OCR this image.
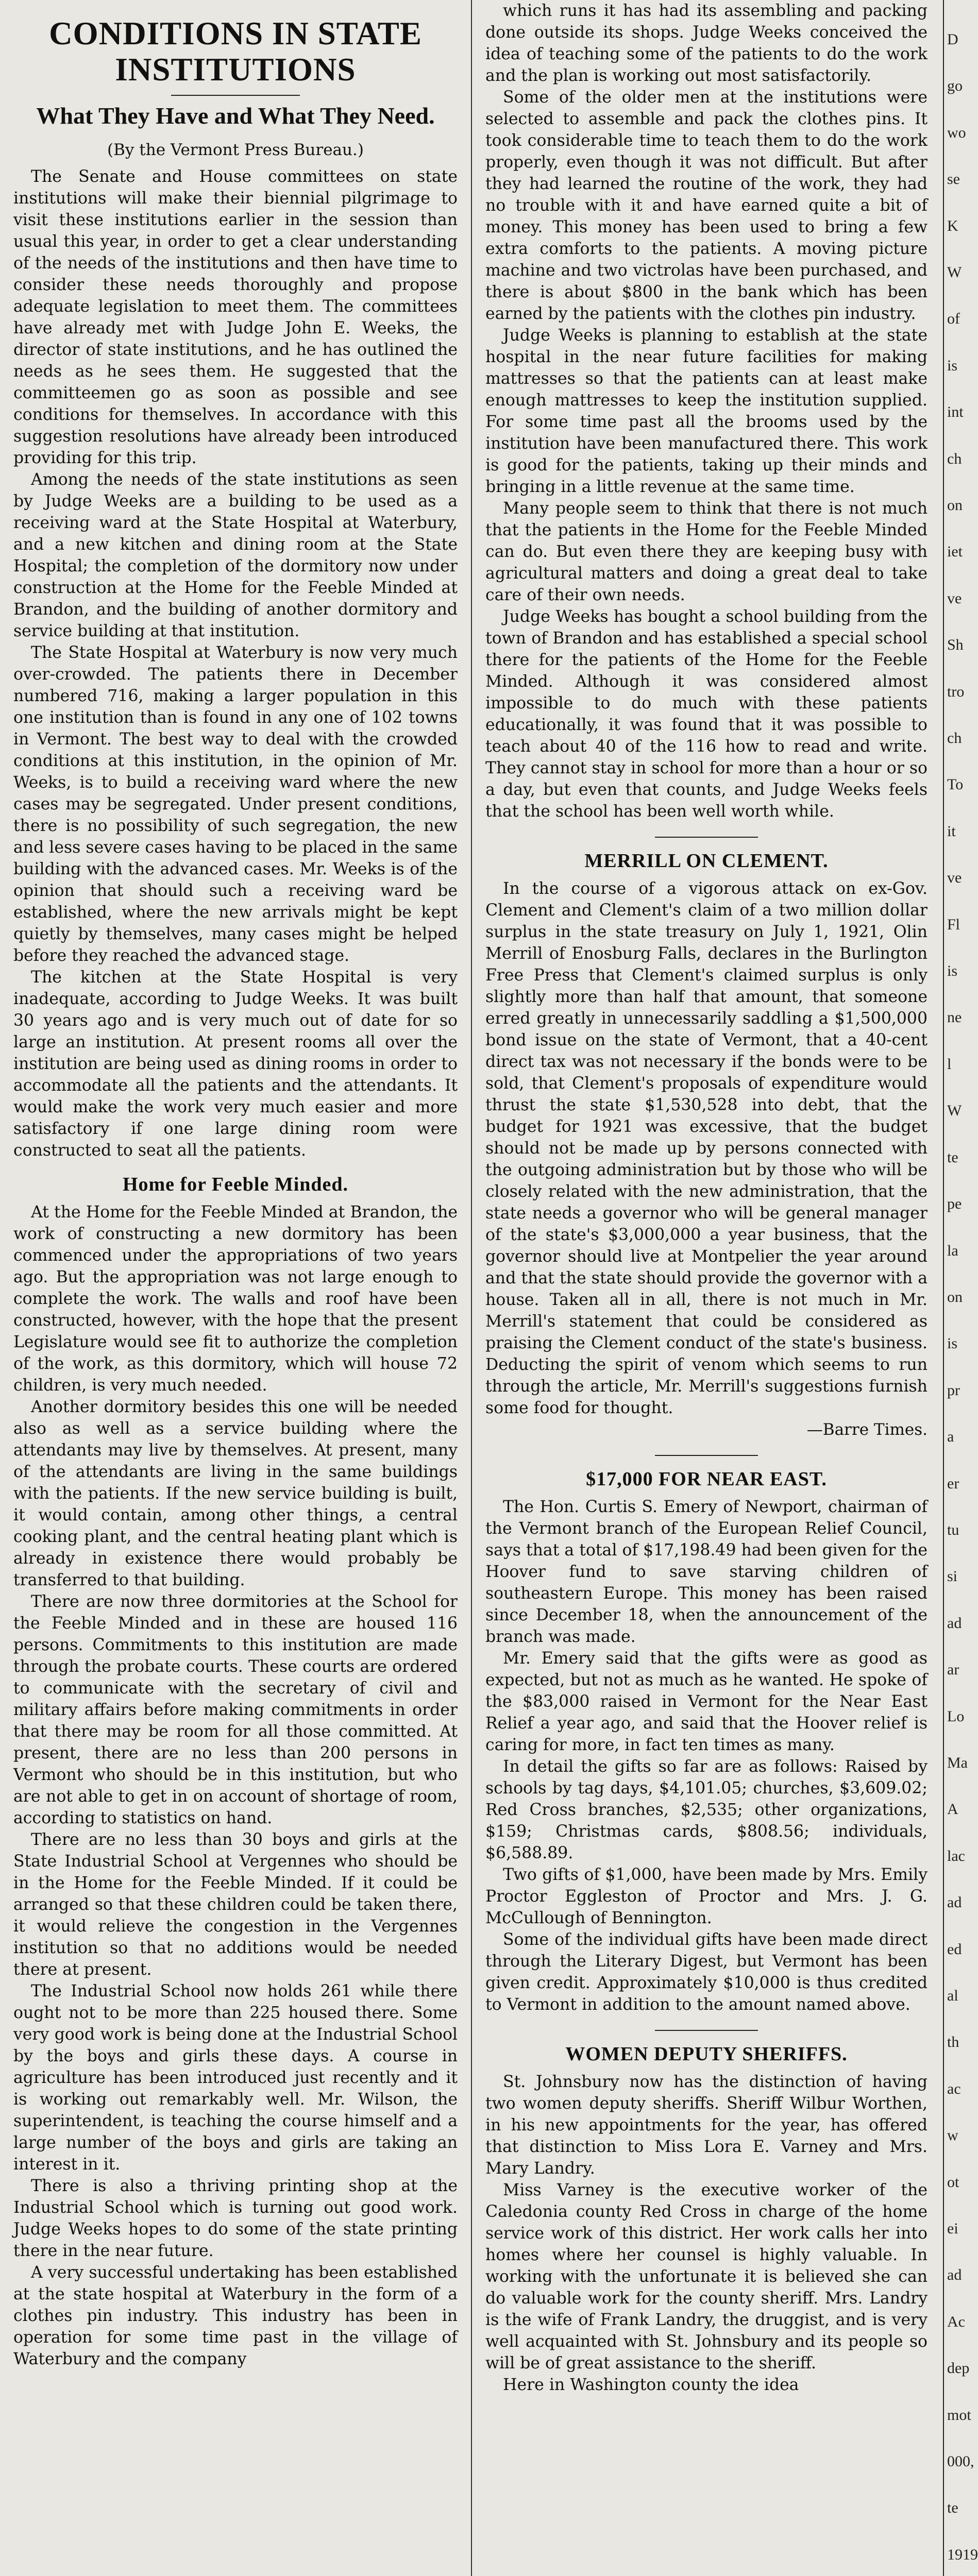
CONDITIONS IN STATE INSTITUTIONS
What They Have and What They Need.
(By the Vermont Press Bureau.)

The Senate and House committees on state institutions will make their biennial pilgrimage to visit these institutions earlier in the session than usual this year, in order to get a clear understanding of the needs of the institutions and then have time to consider these needs thoroughly and propose adequate legislation to meet them. The committees have already met with Judge John E. Weeks, the director of state institutions, and he has outlined the needs as he sees them. He suggested that the committeemen go as soon as possible and see conditions for themselves. In accordance with this suggestion resolutions have already been introduced providing for this trip.

Among the needs of the state institutions as seen by Judge Weeks are a building to be used as a receiving ward at the State Hospital at Waterbury, and a new kitchen and dining room at the State Hospital; the completion of the dormitory now under construction at the Home for the Feeble Minded at Brandon, and the building of another dormitory and service building at that institution.

The State Hospital at Waterbury is now very much over-crowded. The patients there in December numbered 716, making a larger population in this one institution than is found in any one of 102 towns in Vermont. The best way to deal with the crowded conditions at this institution, in the opinion of Mr. Weeks, is to build a receiving ward where the new cases may be segregated. Under present conditions, there is no possibility of such segregation, the new and less severe cases having to be placed in the same building with the advanced cases. Mr. Weeks is of the opinion that should such a receiving ward be established, where the new arrivals might be kept quietly by themselves, many cases might be helped before they reached the advanced stage.

The kitchen at the State Hospital is very inadequate, according to Judge Weeks. It was built 30 years ago and is very much out of date for so large an institution. At present rooms all over the institution are being used as dining rooms in order to accommodate all the patients and the attendants. It would make the work very much easier and more satisfactory if one large dining room were constructed to seat all the patients.

Home for Feeble Minded.

At the Home for the Feeble Minded at Brandon, the work of constructing a new dormitory has been commenced under the appropriations of two years ago. But the appropriation was not large enough to complete the work. The walls and roof have been constructed, however, with the hope that the present Legislature would see fit to authorize the completion of the work, as this dormitory, which will house 72 children, is very much needed.

Another dormitory besides this one will be needed also as well as a service building where the attendants may live by themselves. At present, many of the attendants are living in the same buildings with the patients. If the new service building is built, it would contain, among other things, a central cooking plant, and the central heating plant which is already in existence there would probably be transferred to that building.

There are now three dormitories at the School for the Feeble Minded and in these are housed 116 persons. Commitments to this institution are made through the probate courts. These courts are ordered to communicate with the secretary of civil and military affairs before making commitments in order that there may be room for all those committed. At present, there are no less than 200 persons in Vermont who should be in this institution, but who are not able to get in on account of shortage of room, according to statistics on hand.

There are no less than 30 boys and girls at the State Industrial School at Vergennes who should be in the Home for the Feeble Minded. If it could be arranged so that these children could be taken there, it would relieve the congestion in the Vergennes institution so that no additions would be needed there at present.

The Industrial School now holds 261 while there ought not to be more than 225 housed there. Some very good work is being done at the Industrial School by the boys and girls these days. A course in agriculture has been introduced just recently and it is working out remarkably well. Mr. Wilson, the superintendent, is teaching the course himself and a large number of the boys and girls are taking an interest in it.

There is also a thriving printing shop at the Industrial School which is turning out good work. Judge Weeks hopes to do some of the state printing there in the near future.

A very successful undertaking has been established at the state hospital at Waterbury in the form of a clothes pin industry. This industry has been in operation for some time past in the village of Waterbury and the company

which runs it has had its assembling and packing done outside its shops. Judge Weeks conceived the idea of teaching some of the patients to do the work and the plan is working out most satisfactorily.

Some of the older men at the institutions were selected to assemble and pack the clothes pins. It took considerable time to teach them to do the work properly, even though it was not difficult. But after they had learned the routine of the work, they had no trouble with it and have earned quite a bit of money. This money has been used to bring a few extra comforts to the patients. A moving picture machine and two victrolas have been purchased, and there is about $800 in the bank which has been earned by the patients with the clothes pin industry.

Judge Weeks is planning to establish at the state hospital in the near future facilities for making mattresses so that the patients can at least make enough mattresses to keep the institution supplied. For some time past all the brooms used by the institution have been manufactured there. This work is good for the patients, taking up their minds and bringing in a little revenue at the same time.

Many people seem to think that there is not much that the patients in the Home for the Feeble Minded can do. But even there they are keeping busy with agricultural matters and doing a great deal to take care of their own needs.

Judge Weeks has bought a school building from the town of Brandon and has established a special school there for the patients of the Home for the Feeble Minded. Although it was considered almost impossible to do much with these patients educationally, it was found that it was possible to teach about 40 of the 116 how to read and write. They cannot stay in school for more than a hour or so a day, but even that counts, and Judge Weeks feels that the school has been well worth while.

MERRILL ON CLEMENT.

In the course of a vigorous attack on ex-Gov. Clement and Clement's claim of a two million dollar surplus in the state treasury on July 1, 1921, Olin Merrill of Enosburg Falls, declares in the Burlington Free Press that Clement's claimed surplus is only slightly more than half that amount, that someone erred greatly in unnecessarily saddling a $1,500,000 bond issue on the state of Vermont, that a 40-cent direct tax was not necessary if the bonds were to be sold, that Clement's proposals of expenditure would thrust the state $1,530,528 into debt, that the budget for 1921 was excessive, that the budget should not be made up by persons connected with the outgoing administration but by those who will be closely related with the new administration, that the state needs a governor who will be general manager of the state's $3,000,000 a year business, that the governor should live at Montpelier the year around and that the state should provide the governor with a house. Taken all in all, there is not much in Mr. Merrill's statement that could be considered as praising the Clement conduct of the state's business. Deducting the spirit of venom which seems to run through the article, Mr. Merrill's suggestions furnish some food for thought.

—Barre Times.
$17,000 FOR NEAR EAST.

The Hon. Curtis S. Emery of Newport, chairman of the Vermont branch of the European Relief Council, says that a total of $17,198.49 had been given for the Hoover fund to save starving children of southeastern Europe. This money has been raised since December 18, when the announcement of the branch was made.

Mr. Emery said that the gifts were as good as expected, but not as much as he wanted. He spoke of the $83,000 raised in Vermont for the Near East Relief a year ago, and said that the Hoover relief is caring for more, in fact ten times as many.

In detail the gifts so far are as follows: Raised by schools by tag days, $4,101.05; churches, $3,609.02; Red Cross branches, $2,535; other organizations, $159; Christmas cards, $808.56; individuals, $6,588.89.

Two gifts of $1,000, have been made by Mrs. Emily Proctor Eggleston of Proctor and Mrs. J. G. McCullough of Bennington.

Some of the individual gifts have been made direct through the Literary Digest, but Vermont has been given credit. Approximately $10,000 is thus credited to Vermont in addition to the amount named above.

WOMEN DEPUTY SHERIFFS.

St. Johnsbury now has the distinction of having two women deputy sheriffs. Sheriff Wilbur Worthen, in his new appointments for the year, has offered that distinction to Miss Lora E. Varney and Mrs. Mary Landry.

Miss Varney is the executive worker of the Caledonia county Red Cross in charge of the home service work of this district. Her work calls her into homes where her counsel is highly valuable. In working with the unfortunate it is believed she can do valuable work for the county sheriff. Mrs. Landry is the wife of Frank Landry, the druggist, and is very well acquainted with St. Johnsbury and its people so will be of great assistance to the sheriff.

Here in Washington county the idea

D
go
wo
se
K
W
of
is
int
ch
on
iet
ve
Sh
tro
ch
To
it
ve
Fl
is
ne
l
W
te
pe
la
on
is
pr
a
er
tu
si
ad
ar
Lo
Ma
A
lac
ad
ed
al
th
ac
w
ot
ei
ad
Ac
dep
mot
000,
te
1919
